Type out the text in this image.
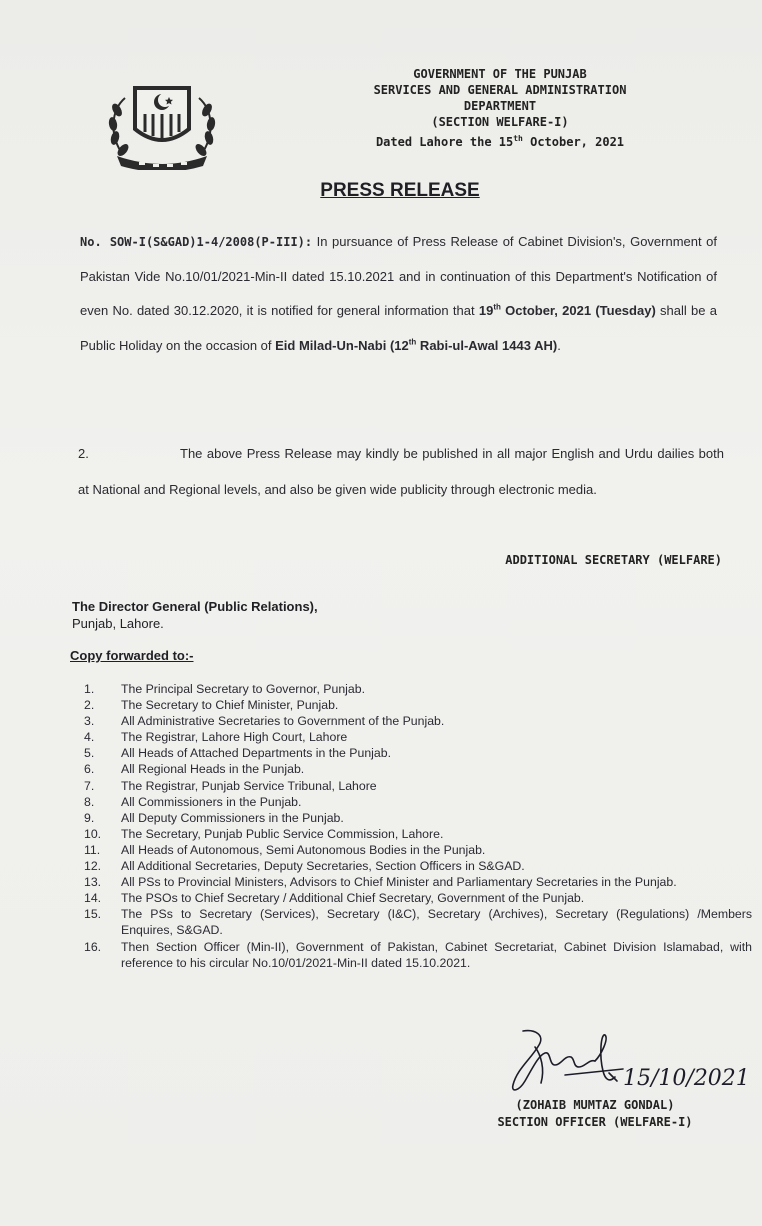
GOVERNMENT OF THE PUNJAB
SERVICES AND GENERAL ADMINISTRATION
DEPARTMENT
(SECTION WELFARE-I)
Dated Lahore the 15th October, 2021
PRESS RELEASE
No. SOW-I(S&GAD)1-4/2008(P-III): In pursuance of Press Release of Cabinet Division's, Government of Pakistan Vide No.10/01/2021-Min-II dated 15.10.2021 and in continuation of this Department's Notification of even No. dated 30.12.2020, it is notified for general information that 19th October, 2021 (Tuesday) shall be a Public Holiday on the occasion of Eid Milad-Un-Nabi (12th Rabi-ul-Awal 1443 AH).
2.	The above Press Release may kindly be published in all major English and Urdu dailies both at National and Regional levels, and also be given wide publicity through electronic media.
ADDITIONAL SECRETARY (WELFARE)
The Director General (Public Relations),
Punjab, Lahore.
Copy forwarded to:-
1.	The Principal Secretary to Governor, Punjab.
2.	The Secretary to Chief Minister, Punjab.
3.	All Administrative Secretaries to Government of the Punjab.
4.	The Registrar, Lahore High Court, Lahore
5.	All Heads of Attached Departments in the Punjab.
6.	All Regional Heads in the Punjab.
7.	The Registrar, Punjab Service Tribunal, Lahore
8.	All Commissioners in the Punjab.
9.	All Deputy Commissioners in the Punjab.
10.	The Secretary, Punjab Public Service Commission, Lahore.
11.	All Heads of Autonomous, Semi Autonomous Bodies in the Punjab.
12.	All Additional Secretaries, Deputy Secretaries, Section Officers in S&GAD.
13.	All PSs to Provincial Ministers, Advisors to Chief Minister and Parliamentary Secretaries in the Punjab.
14.	The PSOs to Chief Secretary / Additional Chief Secretary, Government of the Punjab.
15.	The PSs to Secretary (Services), Secretary (I&C), Secretary (Archives), Secretary (Regulations) /Members Enquires, S&GAD.
16.	Then Section Officer (Min-II), Government of Pakistan, Cabinet Secretariat, Cabinet Division Islamabad, with reference to his circular No.10/01/2021-Min-II dated 15.10.2021.
15/10/2021
(ZOHAIB MUMTAZ GONDAL)
SECTION OFFICER (WELFARE-I)
